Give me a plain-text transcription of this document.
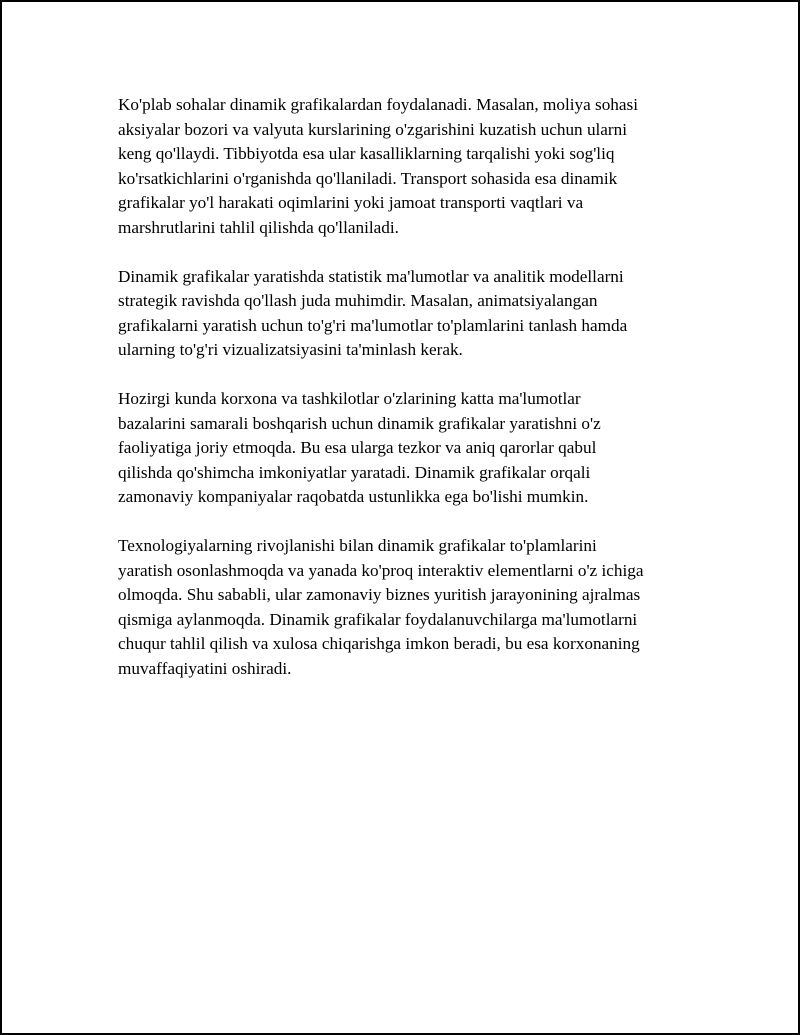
Ko'plab sohalar dinamik grafikalardan foydalanadi. Masalan, moliya sohasi
aksiyalar bozori va valyuta kurslarining o'zgarishini kuzatish uchun ularni
keng qo'llaydi. Tibbiyotda esa ular kasalliklarning tarqalishi yoki sog'liq
ko'rsatkichlarini o'rganishda qo'llaniladi. Transport sohasida esa dinamik
grafikalar yo'l harakati oqimlarini yoki jamoat transporti vaqtlari va
marshrutlarini tahlil qilishda qo'llaniladi.

Dinamik grafikalar yaratishda statistik ma'lumotlar va analitik modellarni
strategik ravishda qo'llash juda muhimdir. Masalan, animatsiyalangan
grafikalarni yaratish uchun to'g'ri ma'lumotlar to'plamlarini tanlash hamda
ularning to'g'ri vizualizatsiyasini ta'minlash kerak.

Hozirgi kunda korxona va tashkilotlar o'zlarining katta ma'lumotlar
bazalarini samarali boshqarish uchun dinamik grafikalar yaratishni o'z
faoliyatiga joriy etmoqda. Bu esa ularga tezkor va aniq qarorlar qabul
qilishda qo'shimcha imkoniyatlar yaratadi. Dinamik grafikalar orqali
zamonaviy kompaniyalar raqobatda ustunlikka ega bo'lishi mumkin.

Texnologiyalarning rivojlanishi bilan dinamik grafikalar to'plamlarini
yaratish osonlashmoqda va yanada ko'proq interaktiv elementlarni o'z ichiga
olmoqda. Shu sababli, ular zamonaviy biznes yuritish jarayonining ajralmas
qismiga aylanmoqda. Dinamik grafikalar foydalanuvchilarga ma'lumotlarni
chuqur tahlil qilish va xulosa chiqarishga imkon beradi, bu esa korxonaning
muvaffaqiyatini oshiradi.
